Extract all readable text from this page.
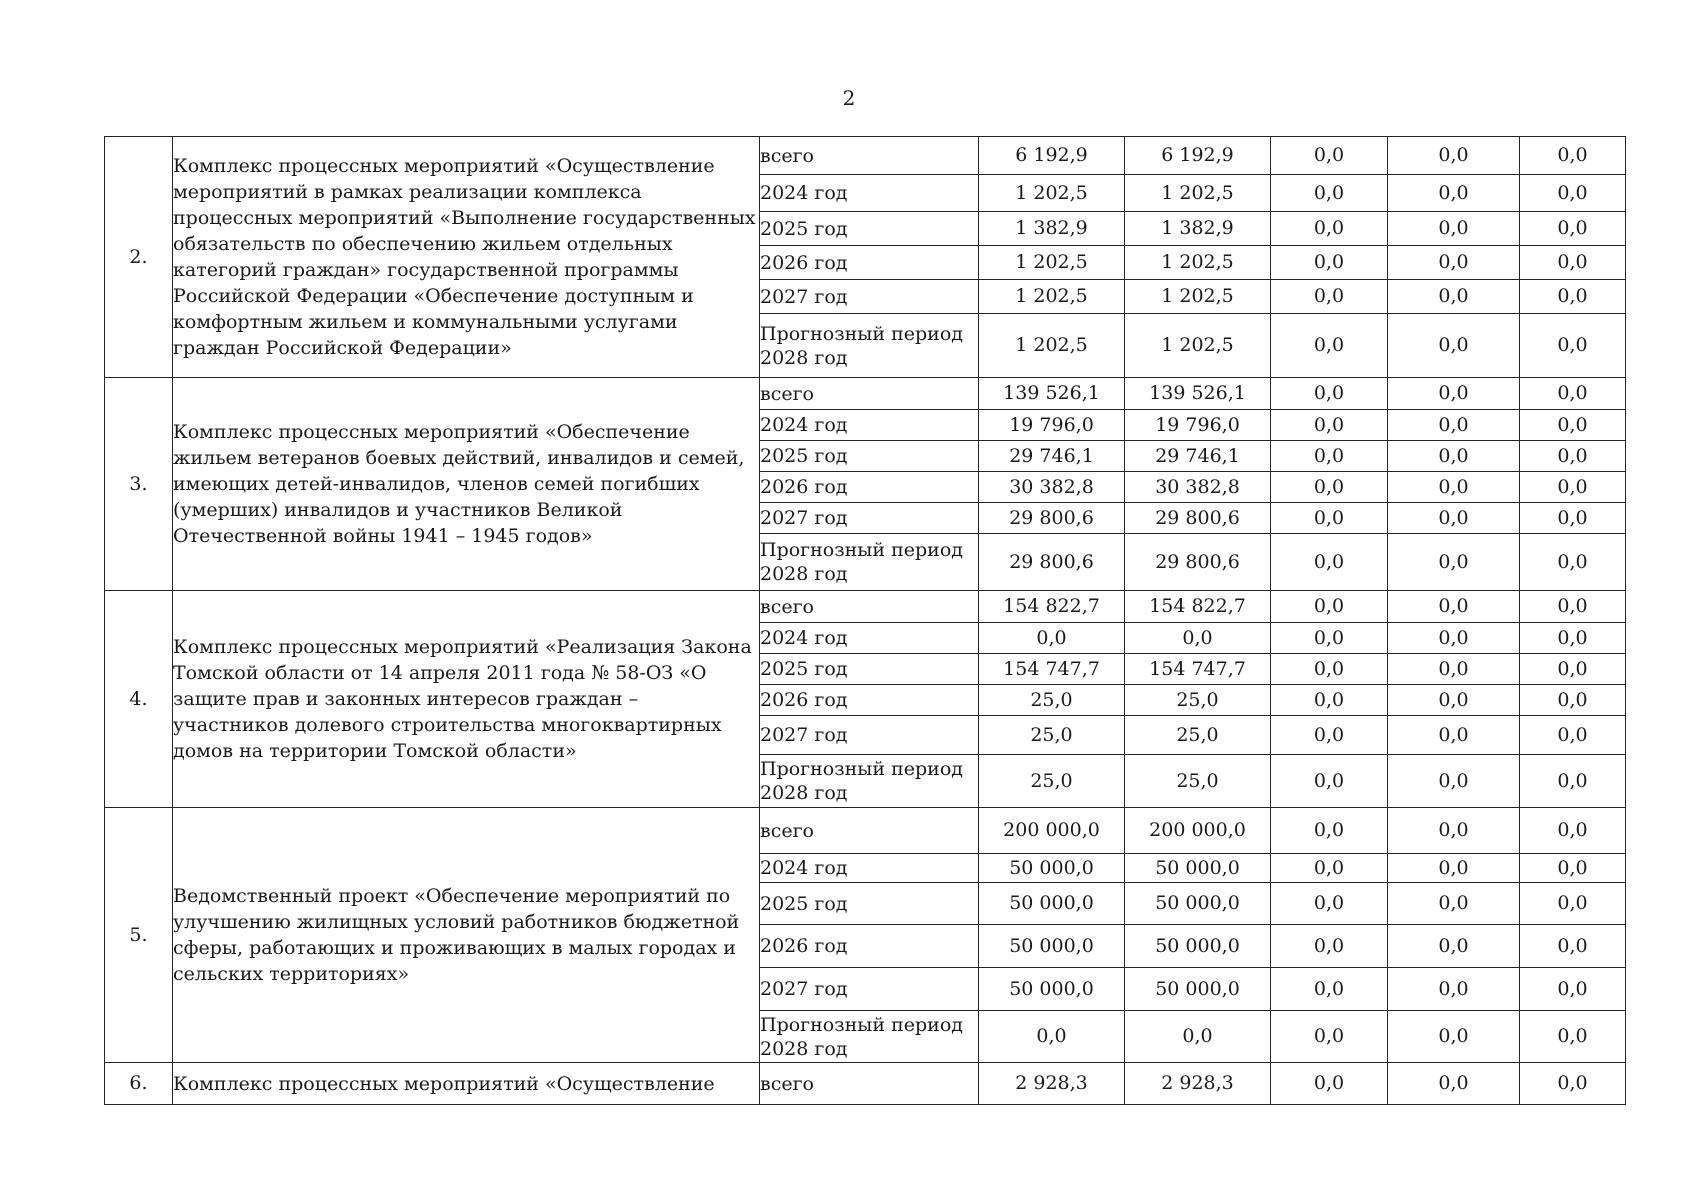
2
2.	Комплекс процессных мероприятий «Осуществление мероприятий в рамках реализации комплекса процессных мероприятий «Выполнение государственных обязательств по обеспечению жильем отдельных категорий граждан» государственной программы Российской Федерации «Обеспечение доступным и комфортным жильем и коммунальными услугами граждан Российской Федерации»	всего	6 192,9	6 192,9	0,0	0,0	0,0
		2024 год	1 202,5	1 202,5	0,0	0,0	0,0
		2025 год	1 382,9	1 382,9	0,0	0,0	0,0
		2026 год	1 202,5	1 202,5	0,0	0,0	0,0
		2027 год	1 202,5	1 202,5	0,0	0,0	0,0
		Прогнозный период 2028 год	1 202,5	1 202,5	0,0	0,0	0,0
3.	Комплекс процессных мероприятий «Обеспечение жильем ветеранов боевых действий, инвалидов и семей, имеющих детей-инвалидов, членов семей погибших (умерших) инвалидов и участников Великой Отечественной войны 1941 – 1945 годов»	всего	139 526,1	139 526,1	0,0	0,0	0,0
		2024 год	19 796,0	19 796,0	0,0	0,0	0,0
		2025 год	29 746,1	29 746,1	0,0	0,0	0,0
		2026 год	30 382,8	30 382,8	0,0	0,0	0,0
		2027 год	29 800,6	29 800,6	0,0	0,0	0,0
		Прогнозный период 2028 год	29 800,6	29 800,6	0,0	0,0	0,0
4.	Комплекс процессных мероприятий «Реализация Закона Томской области от 14 апреля 2011 года № 58-ОЗ «О защите прав и законных интересов граждан – участников долевого строительства многоквартирных домов на территории Томской области»	всего	154 822,7	154 822,7	0,0	0,0	0,0
		2024 год	0,0	0,0	0,0	0,0	0,0
		2025 год	154 747,7	154 747,7	0,0	0,0	0,0
		2026 год	25,0	25,0	0,0	0,0	0,0
		2027 год	25,0	25,0	0,0	0,0	0,0
		Прогнозный период 2028 год	25,0	25,0	0,0	0,0	0,0
5.	Ведомственный проект «Обеспечение мероприятий по улучшению жилищных условий работников бюджетной сферы, работающих и проживающих в малых городах и сельских территориях»	всего	200 000,0	200 000,0	0,0	0,0	0,0
		2024 год	50 000,0	50 000,0	0,0	0,0	0,0
		2025 год	50 000,0	50 000,0	0,0	0,0	0,0
		2026 год	50 000,0	50 000,0	0,0	0,0	0,0
		2027 год	50 000,0	50 000,0	0,0	0,0	0,0
		Прогнозный период 2028 год	0,0	0,0	0,0	0,0	0,0
6.	Комплекс процессных мероприятий «Осуществление	всего	2 928,3	2 928,3	0,0	0,0	0,0
